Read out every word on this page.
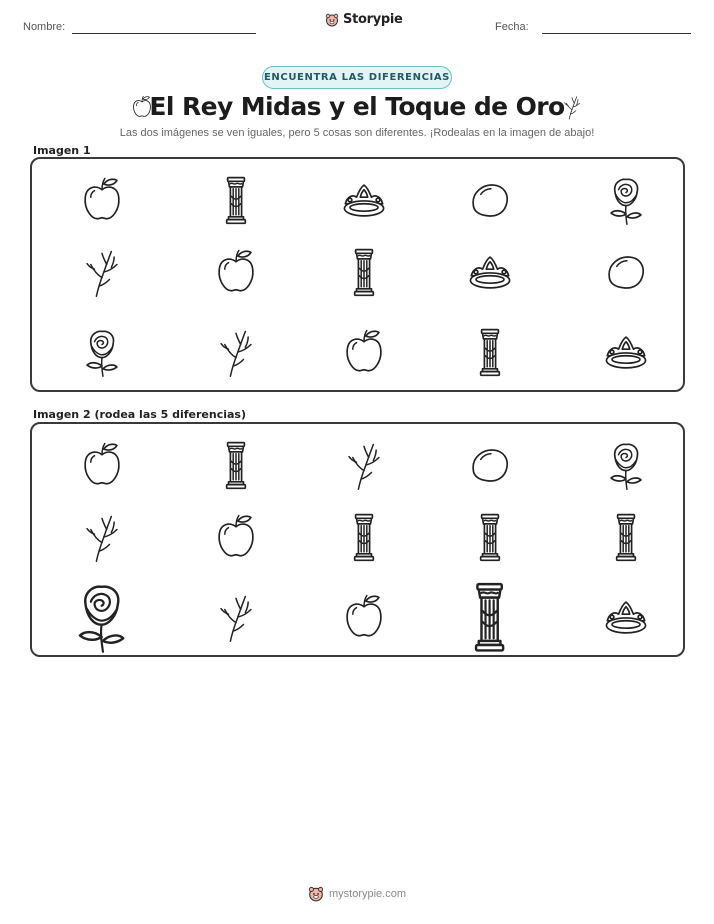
Nombre:	Storypie	Fecha:
ENCUENTRA LAS DIFERENCIAS
El Rey Midas y el Toque de Oro
Las dos imágenes se ven iguales, pero 5 cosas son diferentes. ¡Rodealas en la imagen de abajo!
Imagen 1
Imagen 2 (rodea las 5 diferencias)
mystorypie.com
